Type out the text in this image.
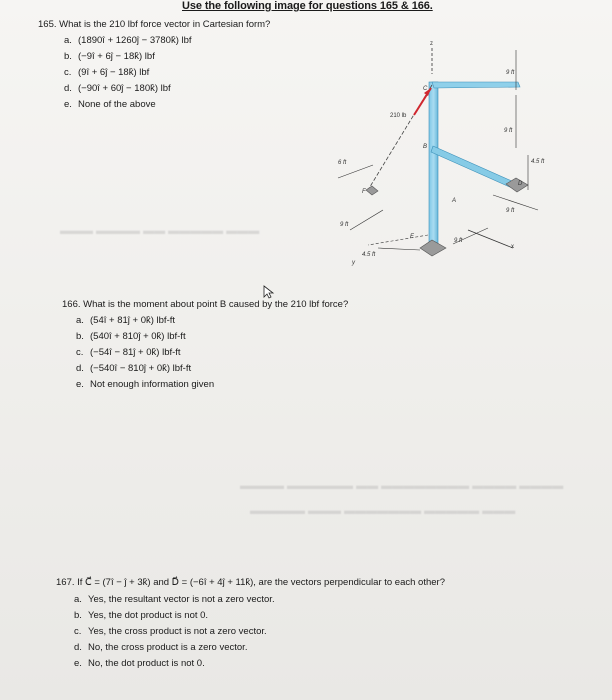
▬▬▬ ▬▬▬▬ ▬▬ ▬▬▬▬▬ ▬▬▬
▬▬▬▬ ▬▬▬▬▬▬ ▬▬ ▬▬▬▬▬▬▬▬ ▬▬▬▬ ▬▬▬▬
▬▬▬▬▬ ▬▬▬ ▬▬▬▬▬▬▬ ▬▬▬▬▬ ▬▬▬
Use the following image for questions 165 & 166.
165. What is the 210 lbf force vector in Cartesian form?
a. (1890î + 1260ĵ − 3780k̂) lbf
b. (−9î + 6ĵ − 18k̂) lbf
c. (9î + 6ĵ − 18k̂) lbf
d. (−90î + 60ĵ − 180k̂) lbf
e. None of the above
z
x
y
210 lb
C
B
A
D
E
F
6 ft
9 ft
4.5 ft
9 ft
9 ft
9 ft
4.5 ft
9 ft
166. What is the moment about point B caused by the 210 lbf force?
a. (54î + 81ĵ + 0k̂) lbf-ft
b. (540î + 810ĵ + 0k̂) lbf-ft
c. (−54î − 81ĵ + 0k̂) lbf-ft
d. (−540î − 810ĵ + 0k̂) lbf-ft
e. Not enough information given
167. If C⃗ = (7î − ĵ + 3k̂) and D⃗ = (−6î + 4ĵ + 11k̂), are the vectors perpendicular to each other?
a. Yes, the resultant vector is not a zero vector.
b. Yes, the dot product is not 0.
c. Yes, the cross product is not a zero vector.
d. No, the cross product is a zero vector.
e. No, the dot product is not 0.
